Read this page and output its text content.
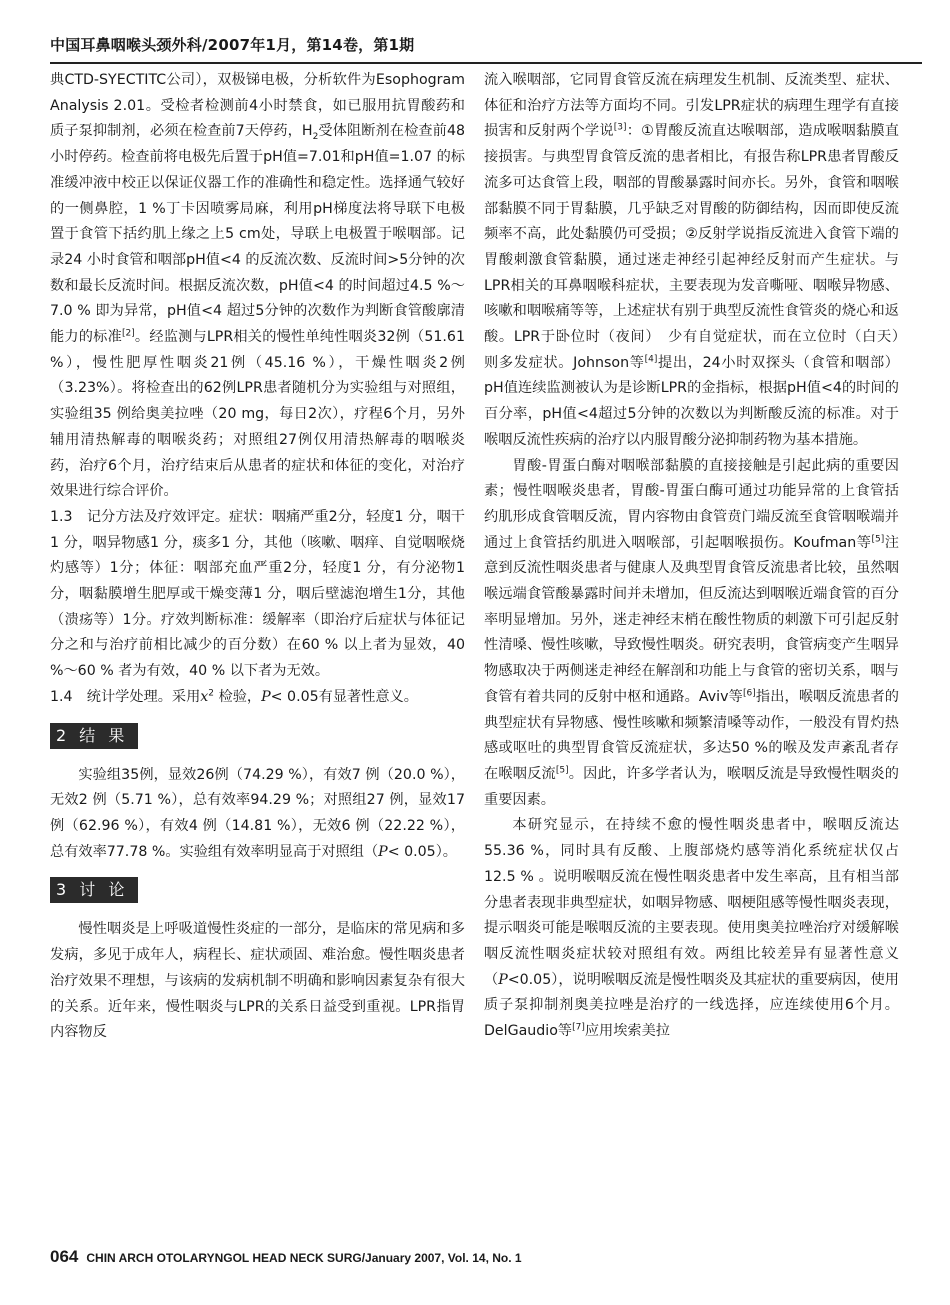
中国耳鼻咽喉头颈外科/2007年1月，第14卷，第1期

典CTD-SYECTITC公司），双极锑电极，分析软件为Esophogram Analysis 2.01。受检者检测前4小时禁食，如已服用抗胃酸药和质子泵抑制剂，必须在检查前7天停药，$H_2$受体阻断剂在检查前48小时停药。检查前将电极先后置于pH值=7.01和pH值=1.07 的标准缓冲液中校正以保证仪器工作的准确性和稳定性。选择通气较好的一侧鼻腔，1 %丁卡因喷雾局麻，利用pH梯度法将导联下电极置于食管下括约肌上缘之上5 cm处，导联上电极置于喉咽部。记录24 小时食管和咽部pH值<4 的反流次数、反流时间>5分钟的次数和最长反流时间。根据反流次数，pH值<4 的时间超过4.5 %～7.0 % 即为异常，pH值<4 超过5分钟的次数作为判断食管酸廓清能力的标准[2]。经监测与LPR相关的慢性单纯性咽炎32例（51.61 %），慢性肥厚性咽炎21例（45.16 %），干燥性咽炎2例（3.23%）。将检查出的62例LPR患者随机分为实验组与对照组，实验组35 例给奥美拉唑（20 mg，每日2次），疗程6个月，另外辅用清热解毒的咽喉炎药；对照组27例仅用清热解毒的咽喉炎药，治疗6个月，治疗结束后从患者的症状和体征的变化，对治疗效果进行综合评价。

1.3　记分方法及疗效评定。症状：咽痛严重2分，轻度1 分，咽干1 分，咽异物感1 分，痰多1 分，其他（咳嗽、咽痒、自觉咽喉烧灼感等）1分；体征：咽部充血严重2分，轻度1 分，有分泌物1分，咽黏膜增生肥厚或干燥变薄1 分，咽后壁滤泡增生1分，其他（溃疡等）1分。疗效判断标准：缓解率（即治疗后症状与体征记分之和与治疗前相比减少的百分数）在60 % 以上者为显效，40 %～60 % 者为有效，40 % 以下者为无效。

1.4　统计学处理。采用$x^2$ 检验，P< 0.05有显著性意义。

2 结 果

实验组35例，显效26例（74.29 %），有效7 例（20.0 %），无效2 例（5.71 %），总有效率94.29 %；对照组27 例，显效17 例（62.96 %），有效4 例（14.81 %），无效6 例（22.22 %），总有效率77.78 %。实验组有效率明显高于对照组（P< 0.05）。

3 讨 论

慢性咽炎是上呼吸道慢性炎症的一部分，是临床的常见病和多发病，多见于成年人，病程长、症状顽固、难治愈。慢性咽炎患者治疗效果不理想，与该病的发病机制不明确和影响因素复杂有很大的关系。近年来，慢性咽炎与LPR的关系日益受到重视。LPR指胃内容物反

流入喉咽部，它同胃食管反流在病理发生机制、反流类型、症状、体征和治疗方法等方面均不同。引发LPR症状的病理生理学有直接损害和反射两个学说[3]：①胃酸反流直达喉咽部，造成喉咽黏膜直接损害。与典型胃食管反流的患者相比，有报告称LPR患者胃酸反流多可达食管上段，咽部的胃酸暴露时间亦长。另外，食管和咽喉部黏膜不同于胃黏膜，几乎缺乏对胃酸的防御结构，因而即使反流频率不高，此处黏膜仍可受损；②反射学说指反流进入食管下端的胃酸刺激食管黏膜，通过迷走神经引起神经反射而产生症状。与LPR相关的耳鼻咽喉科症状，主要表现为发音嘶哑、咽喉异物感、咳嗽和咽喉痛等等，上述症状有别于典型反流性食管炎的烧心和返酸。LPR于卧位时（夜间）　少有自觉症状，而在立位时（白天）　则多发症状。Johnson等[4]提出，24小时双探头（食管和咽部）pH值连续监测被认为是诊断LPR的金指标，根据pH值<4的时间的百分率，pH值<4超过5分钟的次数以为判断酸反流的标准。对于喉咽反流性疾病的治疗以内服胃酸分泌抑制药物为基本措施。

胃酸-胃蛋白酶对咽喉部黏膜的直接接触是引起此病的重要因素；慢性咽喉炎患者，胃酸-胃蛋白酶可通过功能异常的上食管括约肌形成食管咽反流，胃内容物由食管贲门端反流至食管咽喉端并通过上食管括约肌进入咽喉部，引起咽喉损伤。Koufman等[5]注意到反流性咽炎患者与健康人及典型胃食管反流患者比较，虽然咽喉远端食管酸暴露时间并未增加，但反流达到咽喉近端食管的百分率明显增加。另外，迷走神经末梢在酸性物质的刺激下可引起反射性清嗓、慢性咳嗽，导致慢性咽炎。研究表明，食管病变产生咽异物感取决于两侧迷走神经在解剖和功能上与食管的密切关系，咽与食管有着共同的反射中枢和通路。Aviv等[6]指出，喉咽反流患者的典型症状有异物感、慢性咳嗽和频繁清嗓等动作，一般没有胃灼热感或呕吐的典型胃食管反流症状，多达50 %的喉及发声紊乱者存在喉咽反流[5]。因此，许多学者认为，喉咽反流是导致慢性咽炎的重要因素。

本研究显示，在持续不愈的慢性咽炎患者中，喉咽反流达55.36 %，同时具有反酸、上腹部烧灼感等消化系统症状仅占12.5 % 。说明喉咽反流在慢性咽炎患者中发生率高，且有相当部分患者表现非典型症状，如咽异物感、咽梗阻感等慢性咽炎表现，提示咽炎可能是喉咽反流的主要表现。使用奥美拉唑治疗对缓解喉咽反流性咽炎症状较对照组有效。两组比较差异有显著性意义（P<0.05），说明喉咽反流是慢性咽炎及其症状的重要病因，使用质子泵抑制剂奥美拉唑是治疗的一线选择，应连续使用6个月。DelGaudio等[7]应用埃索美拉

064 CHIN ARCH OTOLARYNGOL HEAD NECK SURG/January 2007, Vol. 14, No. 1
